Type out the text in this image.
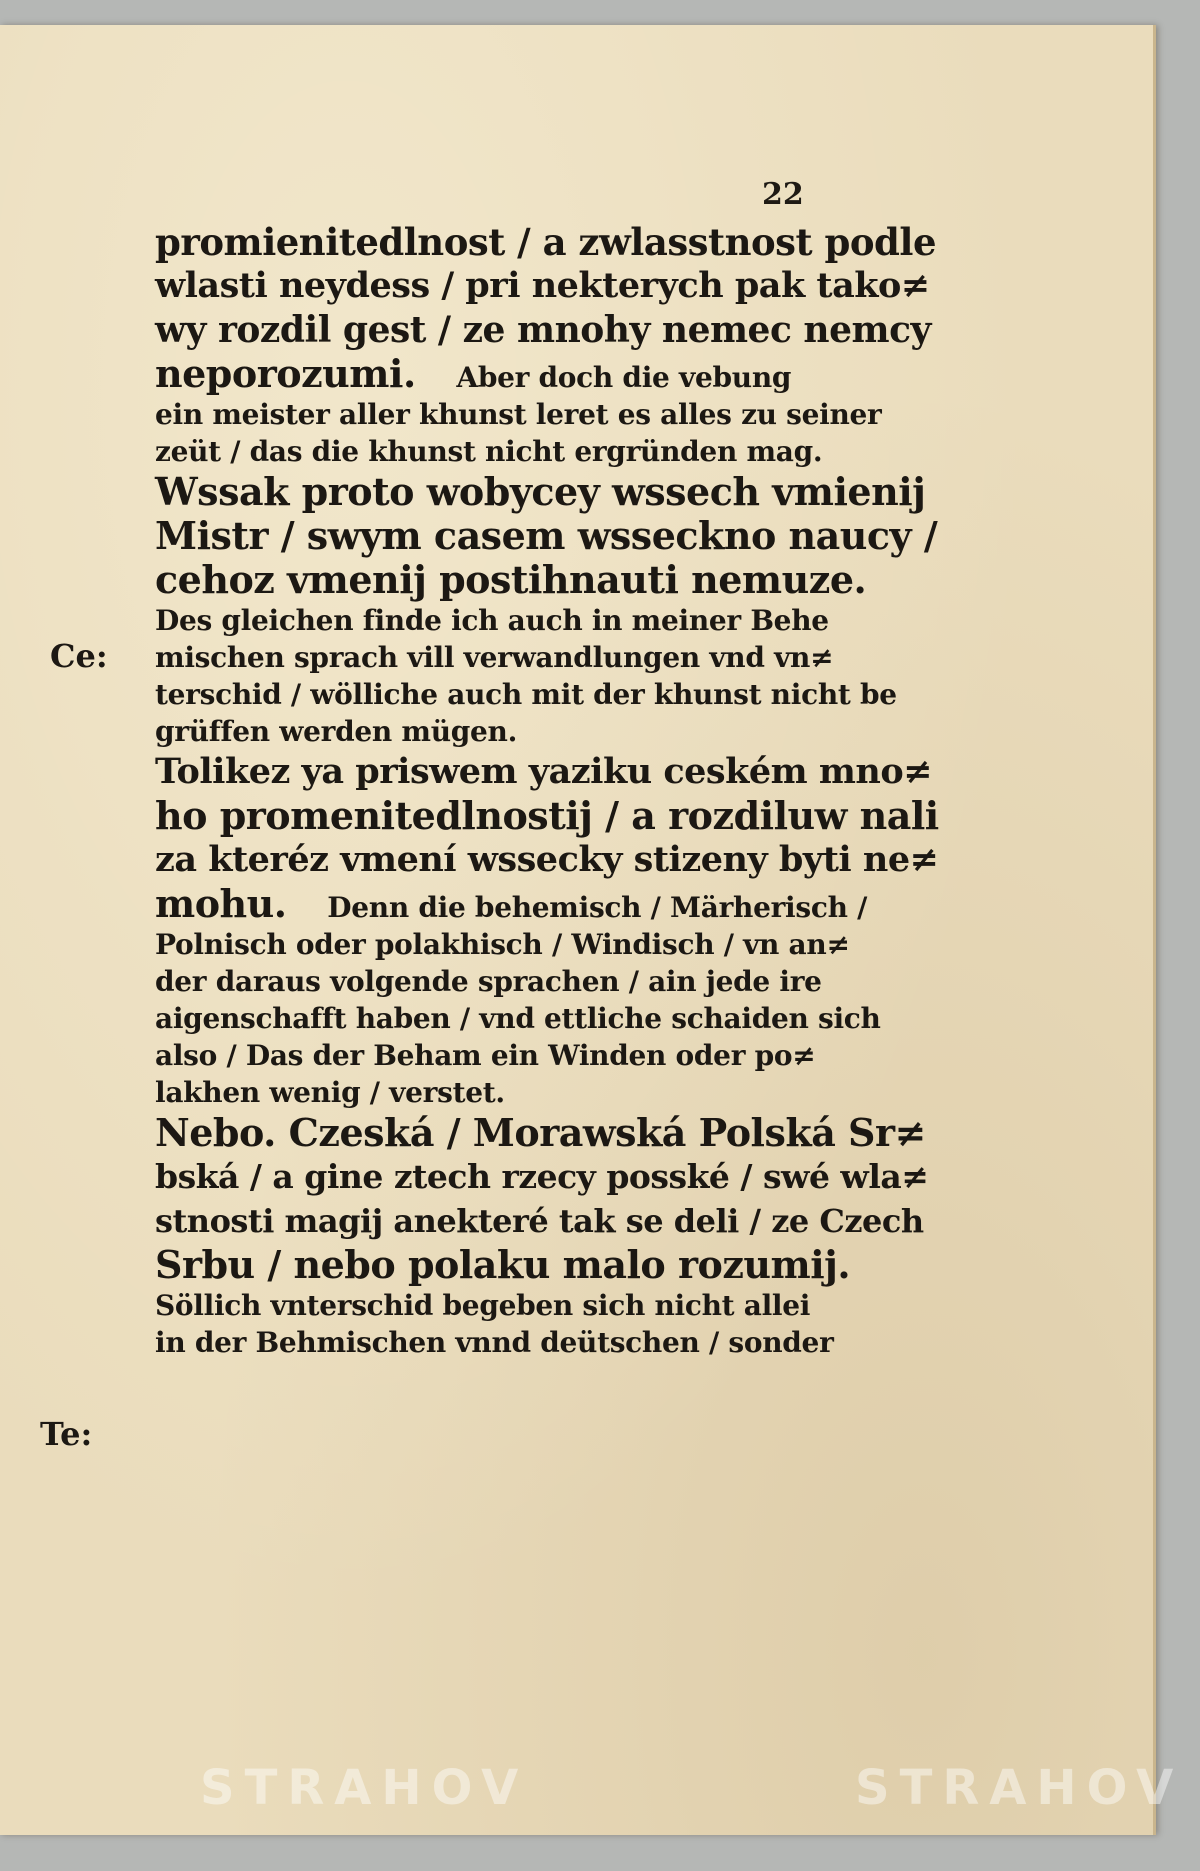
22
Ce:
Te:
promienitedlnost / a zwlasstnost podle
wlasti neydess / pri nekterych pak tako≠
wy rozdil gest / ze mnohy nemec nemcy
neporozumi. Aber doch die vebung
ein meister aller khunst leret es alles zu seiner
zeüt / das die khunst nicht ergründen mag.
Wssak proto wobycey wssech vmienij
Mistr / swym casem wsseckno naucy /
cehoz vmenij postihnauti nemuze.
Des gleichen finde ich auch in meiner Behe
mischen sprach vill verwandlungen vnd vn≠
terschid / wölliche auch mit der khunst nicht be
grüffen werden mügen.
Tolikez ya priswem yaziku ceském mno≠
ho promenitedlnostij / a rozdiluw nali
za kteréz vmení wssecky stizeny byti ne≠
mohu. Denn die behemisch / Märherisch /
Polnisch oder polakhisch / Windisch / vn an≠
der daraus volgende sprachen / ain jede ire
aigenschafft haben / vnd ettliche schaiden sich
also / Das der Beham ein Winden oder po≠
lakhen wenig / verstet.
Nebo. Czeská / Morawská Polská Sr≠
bská / a gine ztech rzecy posské / swé wla≠
stnosti magij anekteré tak se deli / ze Czech
Srbu / nebo polaku malo rozumij.
Söllich vnterschid begeben sich nicht allei
in der Behmischen vnnd deütschen / sonder
STRAHOV	STRAHOV
